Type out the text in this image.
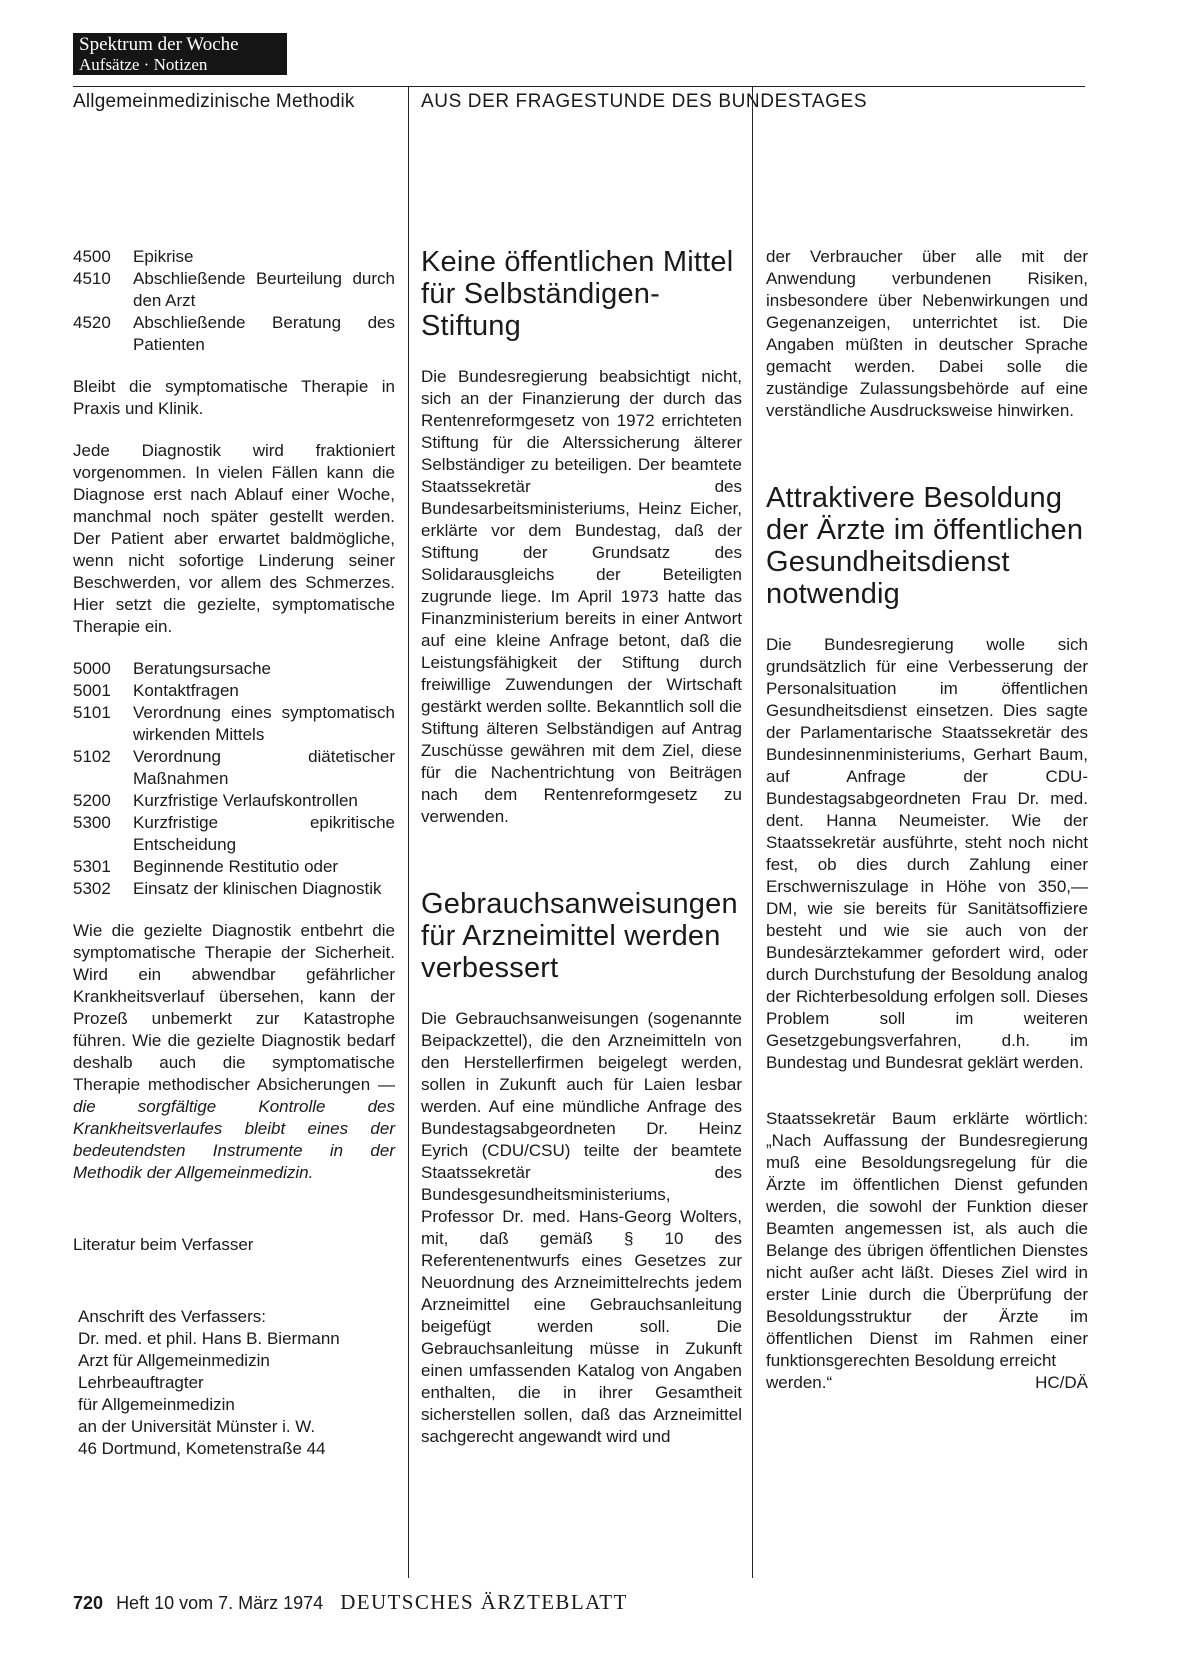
Spektrum der Woche
Aufsätze · Notizen
Allgemeinmedizinische Methodik	AUS DER FRAGESTUNDE DES BUNDESTAGES
4500	Epikrise
4510	Abschließende Beurteilung durch den Arzt
4520	Abschließende Beratung des Patienten

Bleibt die symptomatische Therapie in Praxis und Klinik.

Jede Diagnostik wird fraktioniert vorgenommen. In vielen Fällen kann die Diagnose erst nach Ablauf einer Woche, manchmal noch später gestellt werden. Der Patient aber erwartet baldmögliche, wenn nicht sofortige Linderung seiner Beschwerden, vor allem des Schmerzes. Hier setzt die gezielte, symptomatische Therapie ein.

5000	Beratungsursache
5001	Kontaktfragen
5101	Verordnung eines symptomatisch wirkenden Mittels
5102	Verordnung diätetischer Maßnahmen
5200	Kurzfristige Verlaufskontrollen
5300	Kurzfristige epikritische Entscheidung
5301	Beginnende Restitutio oder
5302	Einsatz der klinischen Diagnostik

Wie die gezielte Diagnostik entbehrt die symptomatische Therapie der Sicherheit. Wird ein abwendbar gefährlicher Krankheitsverlauf übersehen, kann der Prozeß unbemerkt zur Katastrophe führen. Wie die gezielte Diagnostik bedarf deshalb auch die symptomatische Therapie methodischer Absicherungen — die sorgfältige Kontrolle des Krankheitsverlaufes bleibt eines der bedeutendsten Instrumente in der Methodik der Allgemeinmedizin.

Literatur beim Verfasser

Anschrift des Verfassers:
Dr. med. et phil. Hans B. Biermann
Arzt für Allgemeinmedizin
Lehrbeauftragter
für Allgemeinmedizin
an der Universität Münster i. W.
46 Dortmund, Kometenstraße 44
Keine öffentlichen Mittel für Selbständigen-Stiftung

Die Bundesregierung beabsichtigt nicht, sich an der Finanzierung der durch das Rentenreformgesetz von 1972 errichteten Stiftung für die Alterssicherung älterer Selbständiger zu beteiligen. Der beamtete Staatssekretär des Bundesarbeitsministeriums, Heinz Eicher, erklärte vor dem Bundestag, daß der Stiftung der Grundsatz des Solidarausgleichs der Beteiligten zugrunde liege. Im April 1973 hatte das Finanzministerium bereits in einer Antwort auf eine kleine Anfrage betont, daß die Leistungsfähigkeit der Stiftung durch freiwillige Zuwendungen der Wirtschaft gestärkt werden sollte. Bekanntlich soll die Stiftung älteren Selbständigen auf Antrag Zuschüsse gewähren mit dem Ziel, diese für die Nachentrichtung von Beiträgen nach dem Rentenreformgesetz zu verwenden.

Gebrauchsanweisungen für Arzneimittel werden verbessert

Die Gebrauchsanweisungen (sogenannte Beipackzettel), die den Arzneimitteln von den Herstellerfirmen beigelegt werden, sollen in Zukunft auch für Laien lesbar werden. Auf eine mündliche Anfrage des Bundestagsabgeordneten Dr. Heinz Eyrich (CDU/CSU) teilte der beamtete Staatssekretär des Bundesgesundheitsministeriums, Professor Dr. med. Hans-Georg Wolters, mit, daß gemäß § 10 des Referentenentwurfs eines Gesetzes zur Neuordnung des Arzneimittelrechts jedem Arzneimittel eine Gebrauchsanleitung beigefügt werden soll. Die Gebrauchsanleitung müsse in Zukunft einen umfassenden Katalog von Angaben enthalten, die in ihrer Gesamtheit sicherstellen sollen, daß das Arzneimittel sachgerecht angewandt wird und

der Verbraucher über alle mit der Anwendung verbundenen Risiken, insbesondere über Nebenwirkungen und Gegenanzeigen, unterrichtet ist. Die Angaben müßten in deutscher Sprache gemacht werden. Dabei solle die zuständige Zulassungsbehörde auf eine verständliche Ausdrucksweise hinwirken.

Attraktivere Besoldung der Ärzte im öffentlichen Gesundheitsdienst notwendig

Die Bundesregierung wolle sich grundsätzlich für eine Verbesserung der Personalsituation im öffentlichen Gesundheitsdienst einsetzen. Dies sagte der Parlamentarische Staatssekretär des Bundesinnenministeriums, Gerhart Baum, auf Anfrage der CDU-Bundestagsabgeordneten Frau Dr. med. dent. Hanna Neumeister. Wie der Staatssekretär ausführte, steht noch nicht fest, ob dies durch Zahlung einer Erschwerniszulage in Höhe von 350,— DM, wie sie bereits für Sanitätsoffiziere besteht und wie sie auch von der Bundesärztekammer gefordert wird, oder durch Durchstufung der Besoldung analog der Richterbesoldung erfolgen soll. Dieses Problem soll im weiteren Gesetzgebungsverfahren, d.h. im Bundestag und Bundesrat geklärt werden.

Staatssekretär Baum erklärte wörtlich: „Nach Auffassung der Bundesregierung muß eine Besoldungsregelung für die Ärzte im öffentlichen Dienst gefunden werden, die sowohl der Funktion dieser Beamten angemessen ist, als auch die Belange des übrigen öffentlichen Dienstes nicht außer acht läßt. Dieses Ziel wird in erster Linie durch die Überprüfung der Besoldungsstruktur der Ärzte im öffentlichen Dienst im Rahmen einer funktionsgerechten Besoldung erreicht

werden.“	HC/DÄ
720 Heft 10 vom 7. März 1974 DEUTSCHES ÄRZTEBLATT
